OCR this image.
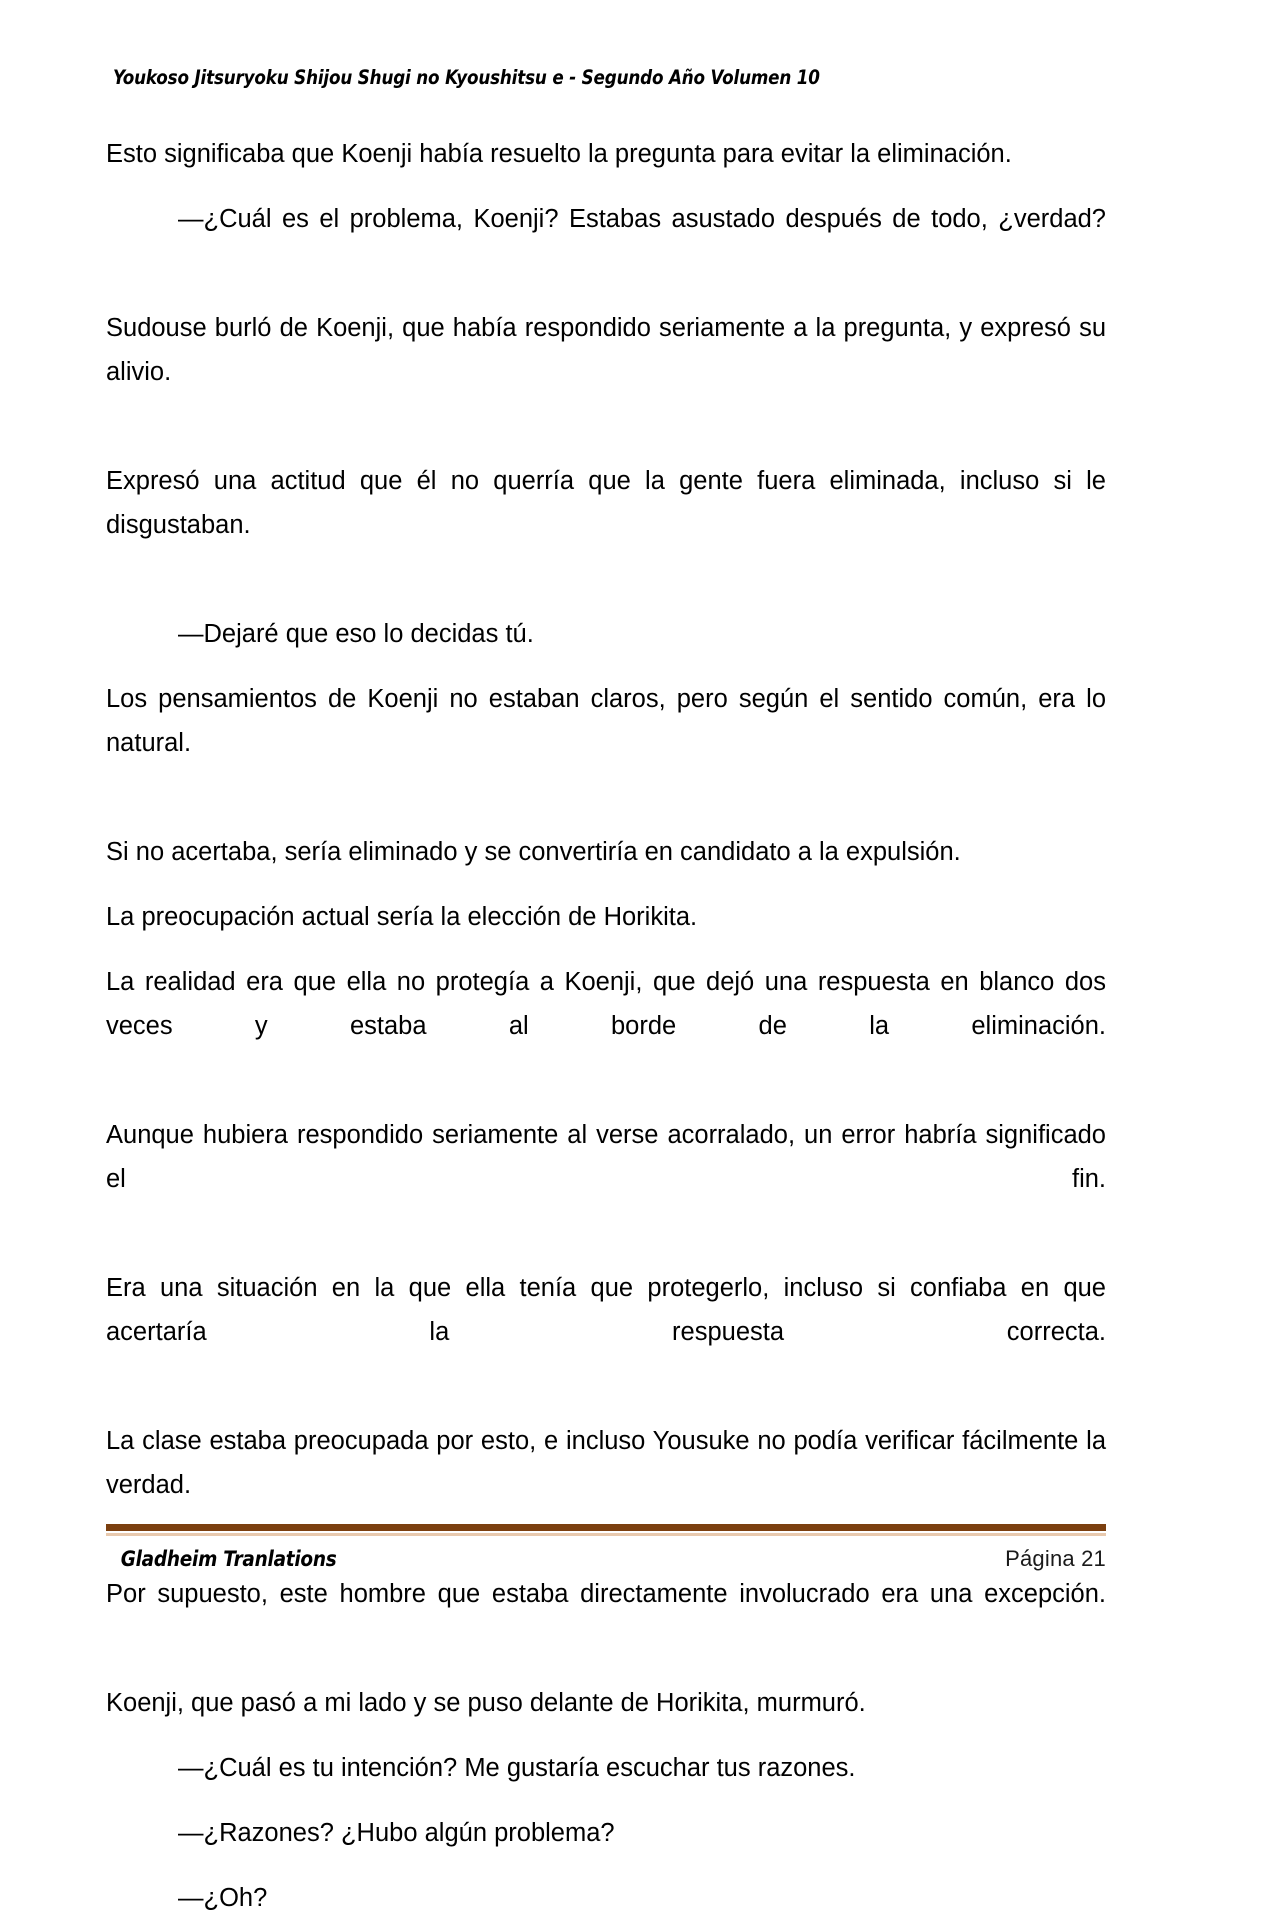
Youkoso Jitsuryoku Shijou Shugi no Kyoushitsu e - Segundo Año Volumen 10

Esto significaba que Koenji había resuelto la pregunta para evitar la eliminación.

—¿Cuál es el problema, Koenji? Estabas asustado después de todo, ¿verdad?

Sudouse burló de Koenji, que había respondido seriamente a la pregunta, y expresó su alivio.

Expresó una actitud que él no querría que la gente fuera eliminada, incluso si le disgustaban.

—Dejaré que eso lo decidas tú.

Los pensamientos de Koenji no estaban claros, pero según el sentido común, era lo natural.

Si no acertaba, sería eliminado y se convertiría en candidato a la expulsión.

La preocupación actual sería la elección de Horikita.

La realidad era que ella no protegía a Koenji, que dejó una respuesta en blanco dos veces y estaba al borde de la eliminación.

Aunque hubiera respondido seriamente al verse acorralado, un error habría significado el fin.

Era una situación en la que ella tenía que protegerlo, incluso si confiaba en que acertaría la respuesta correcta.

La clase estaba preocupada por esto, e incluso Yousuke no podía verificar fácilmente la verdad.

Por supuesto, este hombre que estaba directamente involucrado era una excepción.

Koenji, que pasó a mi lado y se puso delante de Horikita, murmuró.

—¿Cuál es tu intención? Me gustaría escuchar tus razones.

—¿Razones? ¿Hubo algún problema?

—¿Oh?

Gladheim Tranlations	Página 21
